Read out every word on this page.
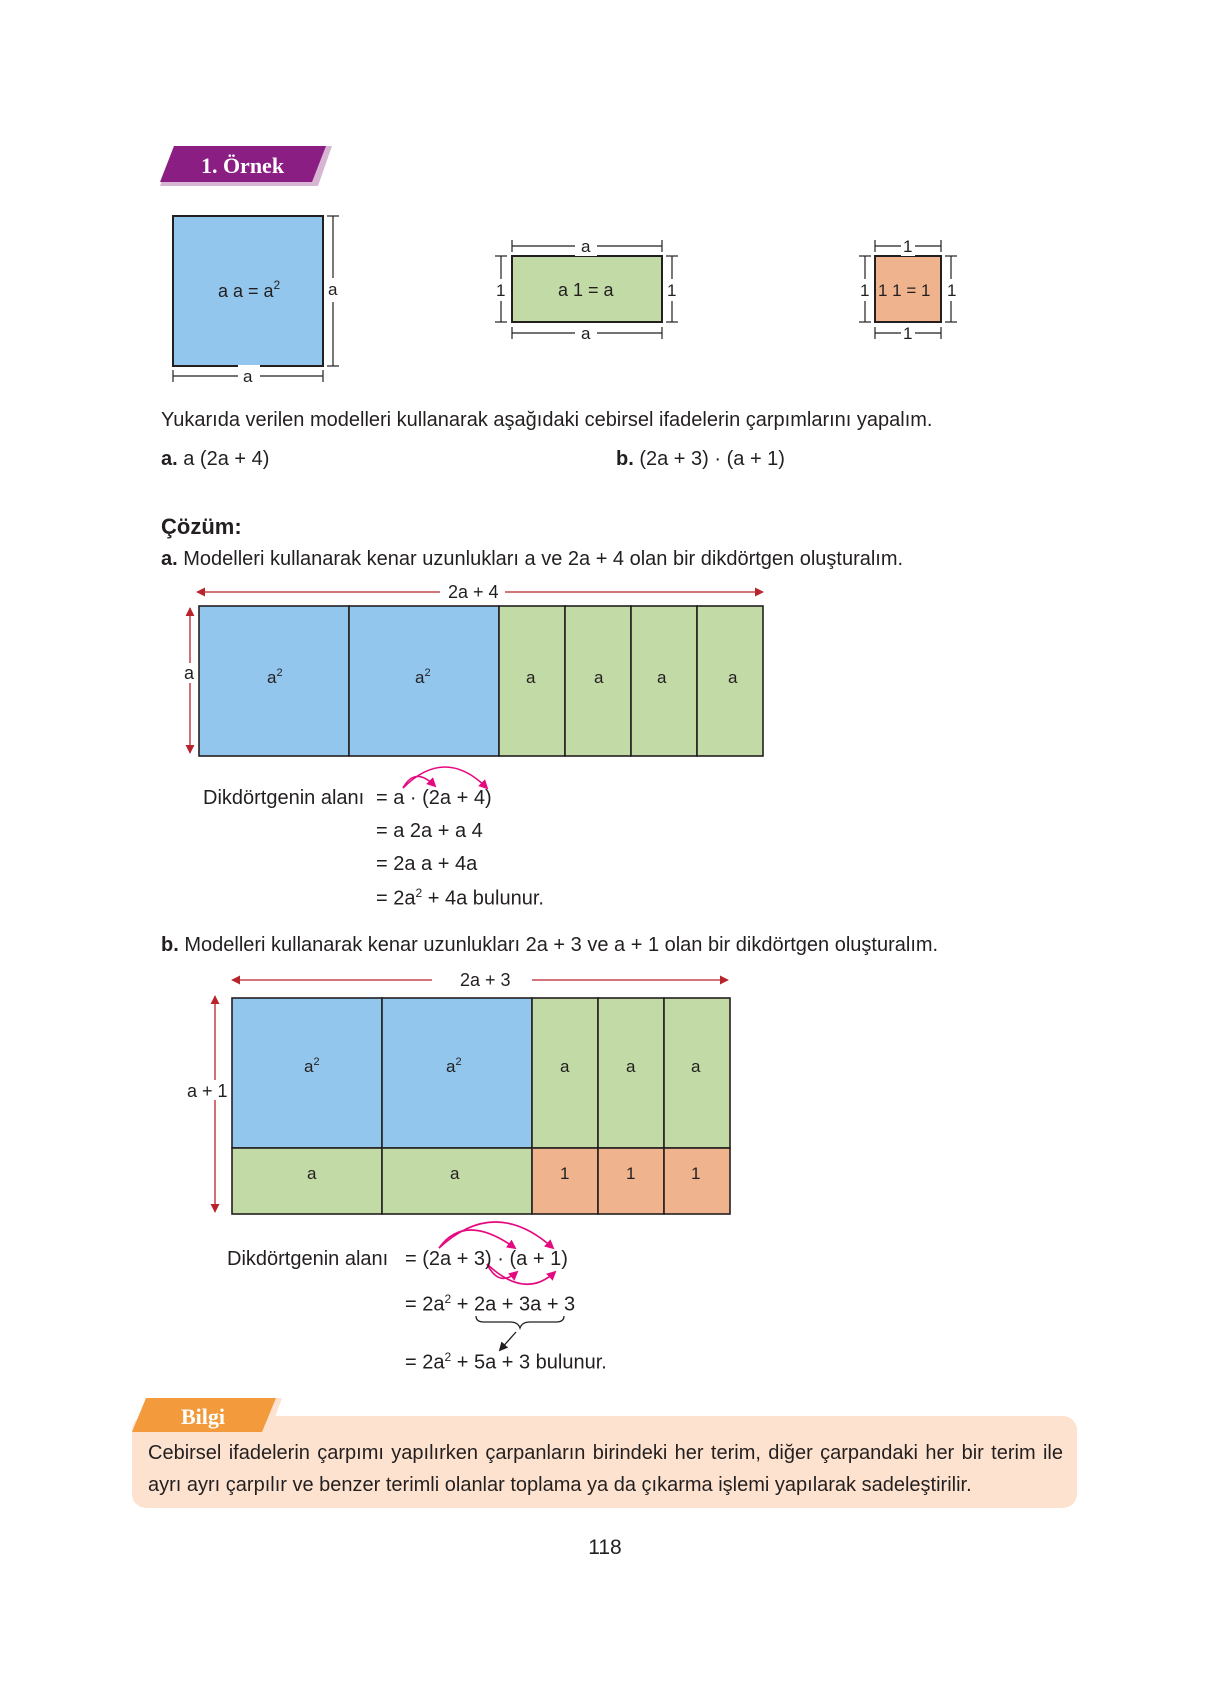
1. Örnek
a $a = a^2$	a
a
a 1 = a
a
a
1	1	1 1 = 1
1
1
1	1
Yukarıda verilen modelleri kullanarak aşağıdaki cebirsel ifadelerin çarpımlarını yapalım.
a. a (2a + 4)	b. (2a + 3) · (a + 1)
Çözüm:
a. Modelleri kullanarak kenar uzunlukları a ve 2a + 4 olan bir dikdörtgen oluşturalım.
2a + 4
a	$a^2$	$a^2$	a	a	a	a
Dikdörtgenin alanı = a · (2a + 4)
= a 2a + a 4
= 2a a + 4a
= $2a^2 + 4a$ bulunur.
b. Modelleri kullanarak kenar uzunlukları 2a + 3 ve a + 1 olan bir dikdörtgen oluşturalım.
2a + 3
a + 1
$a^2$	$a^2$	a	a	a
a	a	1	1	1
Dikdörtgenin alanı = (2a + 3) · (a + 1)
= $2a^2 + 2a + 3a + 3$
= $2a^2 + 5a + 3$ bulunur.
Bilgi
Cebirsel ifadelerin çarpımı yapılırken çarpanların birindeki her terim, diğer çarpandaki her bir terim ile ayrı ayrı çarpılır ve benzer terimli olanlar toplama ya da çıkarma işlemi yapılarak sadeleştirilir.
118
